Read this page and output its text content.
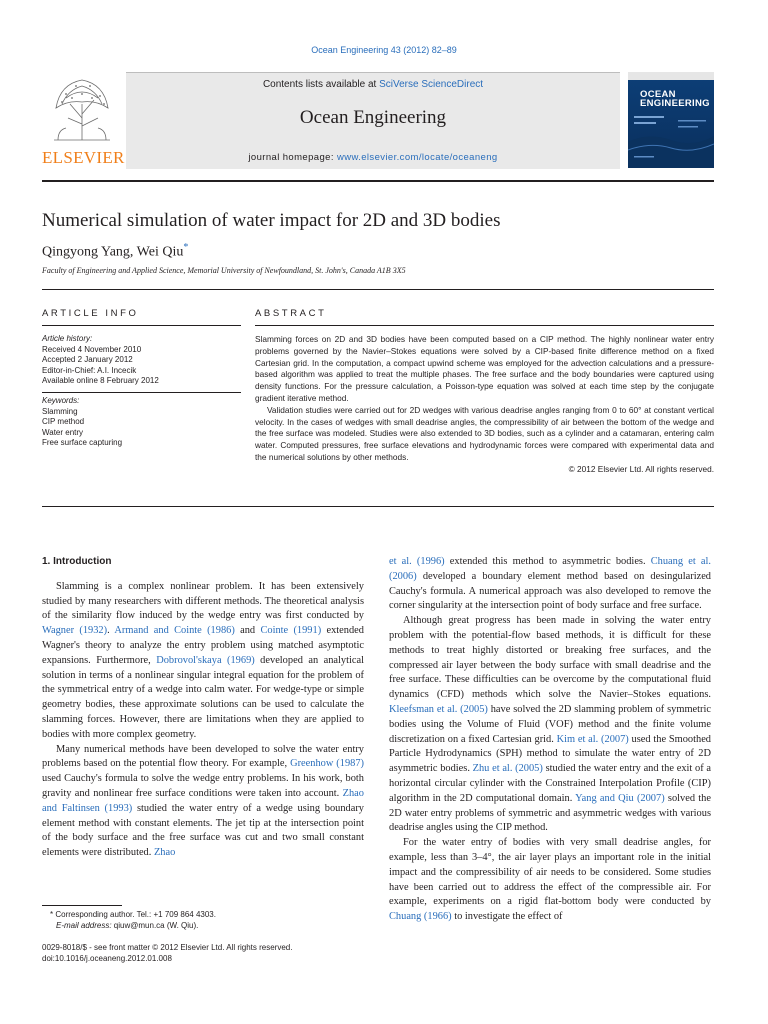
Ocean Engineering 43 (2012) 82–89
ELSEVIER
Contents lists available at SciVerse ScienceDirect
Ocean Engineering
journal homepage: www.elsevier.com/locate/oceaneng
OCEAN
ENGINEERING
Numerical simulation of water impact for 2D and 3D bodies
Qingyong Yang, Wei Qiu*
Faculty of Engineering and Applied Science, Memorial University of Newfoundland, St. John's, Canada A1B 3X5
ARTICLE INFO	ABSTRACT
Article history:
Received 4 November 2010
Accepted 2 January 2012
Editor-in-Chief: A.I. Incecik
Available online 8 February 2012
Keywords:
Slamming
CIP method
Water entry
Free surface capturing

Slamming forces on 2D and 3D bodies have been computed based on a CIP method. The highly nonlinear water entry problems governed by the Navier–Stokes equations were solved by a CIP-based finite difference method on a fixed Cartesian grid. In the computation, a compact upwind scheme was employed for the advection calculations and a pressure-based algorithm was applied to treat the multiple phases. The free surface and the body boundaries were captured using density functions. For the pressure calculation, a Poisson-type equation was solved at each time step by the conjugate gradient iterative method.

Validation studies were carried out for 2D wedges with various deadrise angles ranging from 0 to 60° at constant vertical velocity. In the cases of wedges with small deadrise angles, the compressibility of air between the bottom of the wedge and the free surface was modeled. Studies were also extended to 3D bodies, such as a cylinder and a catamaran, entering calm water. Computed pressures, free surface elevations and hydrodynamic forces were compared with experimental data and the numerical solutions by other methods.

© 2012 Elsevier Ltd. All rights reserved.

1. Introduction

Slamming is a complex nonlinear problem. It has been extensively studied by many researchers with different methods. The theoretical analysis of the similarity flow induced by the wedge entry was first conducted by Wagner (1932). Armand and Cointe (1986) and Cointe (1991) extended Wagner's theory to analyze the entry problem using matched asymptotic expansions. Furthermore, Dobrovol'skaya (1969) developed an analytical solution in terms of a nonlinear singular integral equation for the problem of the symmetrical entry of a wedge into calm water. For wedge-type or simple geometry bodies, these approximate solutions can be used to calculate the slamming forces. However, there are limitations when they are applied to bodies with more complex geometry.

Many numerical methods have been developed to solve the water entry problems based on the potential flow theory. For example, Greenhow (1987) used Cauchy's formula to solve the wedge entry problems. In his work, both gravity and nonlinear free surface conditions were taken into account. Zhao and Faltinsen (1993) studied the water entry of a wedge using boundary element method with constant elements. The jet tip at the intersection point of the body surface and the free surface was cut and two small constant elements were distributed. Zhao

et al. (1996) extended this method to asymmetric bodies. Chuang et al. (2006) developed a boundary element method based on desingularized Cauchy's formula. A numerical approach was also developed to remove the corner singularity at the intersection point of body surface and free surface.

Although great progress has been made in solving the water entry problem with the potential-flow based methods, it is difficult for these methods to treat highly distorted or breaking free surfaces, and the compressed air layer between the body surface with small deadrise and the free surface. These difficulties can be overcome by the computational fluid dynamics (CFD) methods which solve the Navier–Stokes equations. Kleefsman et al. (2005) have solved the 2D slamming problem of symmetric bodies using the Volume of Fluid (VOF) method and the finite volume discretization on a fixed Cartesian grid. Kim et al. (2007) used the Smoothed Particle Hydrodynamics (SPH) method to simulate the water entry of 2D asymmetric bodies. Zhu et al. (2005) studied the water entry and the exit of a horizontal circular cylinder with the Constrained Interpolation Profile (CIP) algorithm in the 2D computational domain. Yang and Qiu (2007) solved the 2D water entry problems of symmetric and asymmetric wedges with various deadrise angles using the CIP method.

For the water entry of bodies with very small deadrise angles, for example, less than 3–4°, the air layer plays an important role in the initial impact and the compressibility of air needs to be considered. Some studies have been carried out to address the effect of the compressible air. For example, experiments on a rigid flat-bottom body were conducted by Chuang (1966) to investigate the effect of

* Corresponding author. Tel.: +1 709 864 4303.
E-mail address: qiuw@mun.ca (W. Qiu).
0029-8018/$ - see front matter © 2012 Elsevier Ltd. All rights reserved.
doi:10.1016/j.oceaneng.2012.01.008
